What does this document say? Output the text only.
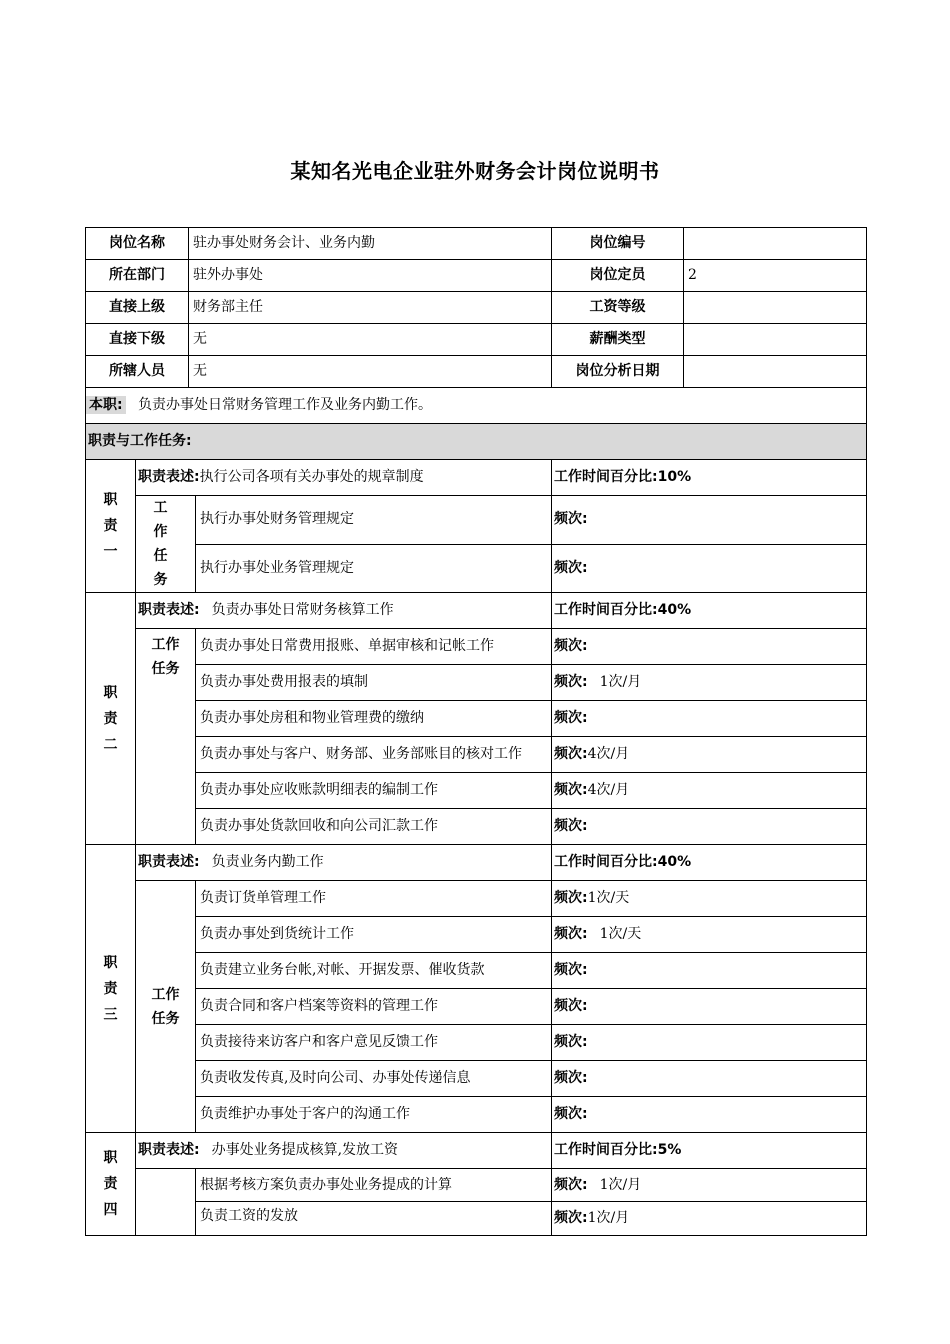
某知名光电企业驻外财务会计岗位说明书
岗位名称		驻办事处财务会计、业务内勤		岗位编号	
所在部门		驻外办事处		岗位定员	2
直接上级		财务部主任		工资等级	
直接下级		无		薪酬类型	
所辖人员		无		岗位分析日期	
本职: 负责办事处日常财务管理工作及业务内勤工作。					
职责与工作任务:					

职
责
一	职责表述:执行公司各项有关办事处的规章制度			工作时间百分比:10%	

	工 作
任 务		执行办事处财务管理规定	频次:	
			执行办事处业务管理规定	频次:	

职
责
二	职责表述: 负责办事处日常财务核算工作			工作时间百分比:40%	

	工作
任务		负责办事处日常费用报账、单据审核和记帐工作	频次:	
			负责办事处费用报表的填制	频次: 1次/月	
			负责办事处房租和物业管理费的缴纳	频次:	
			负责办事处与客户、财务部、业务部账目的核对工作	频次:4次/月	
			负责办事处应收账款明细表的编制工作	频次:4次/月	
			负责办事处货款回收和向公司汇款工作	频次:	

职
责
三	职责表述: 负责业务内勤工作			工作时间百分比:40%	

	工作
任务		负责订货单管理工作	频次:1次/天	
			负责办事处到货统计工作	频次: 1次/天	
			负责建立业务台帐,对帐、开据发票、催收货款	频次:	
			负责合同和客户档案等资料的管理工作	频次:	
			负责接待来访客户和客户意见反馈工作	频次:	
			负责收发传真,及时向公司、办事处传递信息	频次:	
			负责维护办事处于客户的沟通工作	频次:	

职
责
四	职责表述: 办事处业务提成核算,发放工资			工作时间百分比:5%	

			根据考核方案负责办事处业务提成的计算	频次: 1次/月	
			负责工资的发放	频次:1次/月	
